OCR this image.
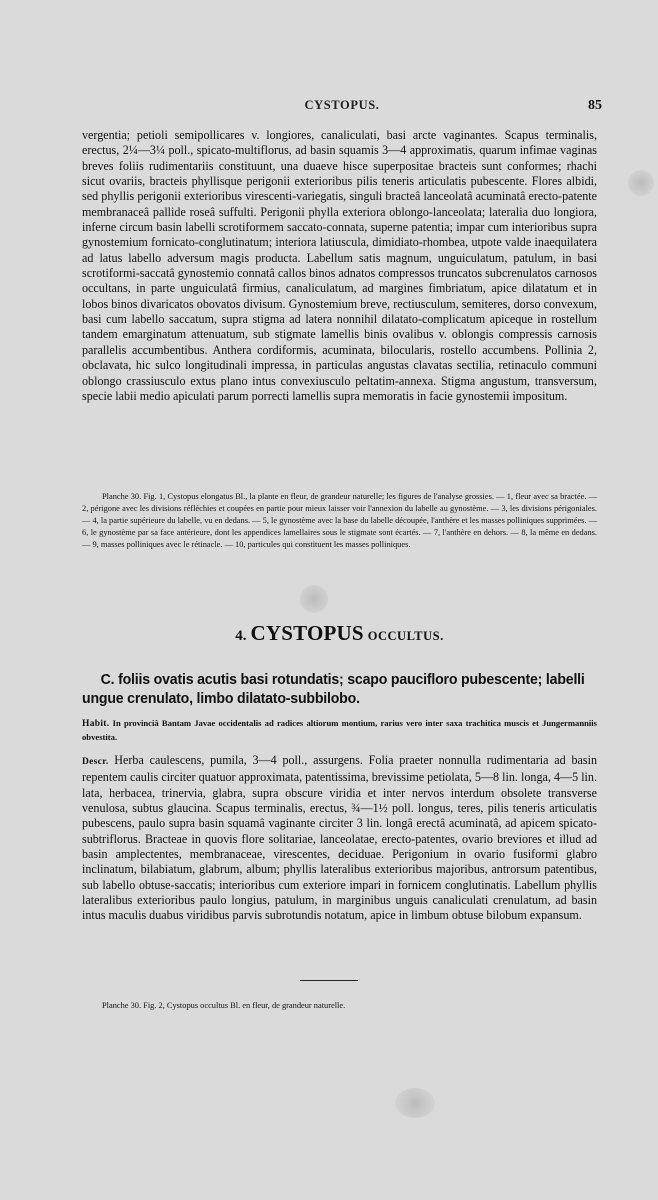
CYSTOPUS.	85

vergentia; petioli semipollicares v. longiores, canaliculati, basi arcte vaginantes. Scapus terminalis, erectus, 2¼—3¼ poll., spicato-multiflorus, ad basin squamis 3—4 approximatis, quarum infimae vaginas breves foliis rudimentariis constituunt, una duaeve hisce superpositae bracteis sunt conformes; rhachi sicut ovariis, bracteis phyllisque perigonii exterioribus pilis teneris articulatis pubescente. Flores albidi, sed phyllis perigonii exterioribus virescenti-variegatis, singuli bracteâ lanceolatâ acuminatâ erecto-patente membranaceâ pallide roseâ suffulti. Perigonii phylla exteriora oblongo-lanceolata; lateralia duo longiora, inferne circum basin labelli scrotiformem saccato-connata, superne patentia; impar cum interioribus supra gynostemium fornicato-conglutinatum; interiora latiuscula, dimidiato-rhombea, utpote valde inaequilatera ad latus labello adversum magis producta. Labellum satis magnum, unguiculatum, patulum, in basi scrotiformi-saccatâ gynostemio connatâ callos binos adnatos compressos truncatos subcrenulatos carnosos occultans, in parte unguiculatâ firmius, canaliculatum, ad margines fimbriatum, apice dilatatum et in lobos binos divaricatos obovatos divisum. Gynostemium breve, rectiusculum, semiteres, dorso convexum, basi cum labello saccatum, supra stigma ad latera nonnihil dilatato-complicatum apiceque in rostellum tandem emarginatum attenuatum, sub stigmate lamellis binis ovalibus v. oblongis compressis carnosis parallelis accumbentibus. Anthera cordiformis, acuminata, bilocularis, rostello accumbens. Pollinia 2, obclavata, hic sulco longitudinali impressa, in particulas angustas clavatas sectilia, retinaculo communi oblongo crassiusculo extus plano intus convexiusculo peltatim-annexa. Stigma angustum, transversum, specie labii medio apiculati parum porrecti lamellis supra memoratis in facie gynostemii impositum.

Planche 30. Fig. 1, Cystopus elongatus Bl., la plante en fleur, de grandeur naturelle; les figures de l'analyse grossies. — 1, fleur avec sa bractée. — 2, périgone avec les divisions réfléchies et coupées en partie pour mieux laisser voir l'annexion du labelle au gynostème. — 3, les divisions périgoniales. — 4, la partie supérieure du labelle, vu en dedans. — 5, le gynostème avec la base du labelle découpée, l'anthère et les masses polliniques supprimées. — 6, le gynostème par sa face antérieure, dont les appendices lamellaires sous le stigmate sont écartés. — 7, l'anthère en dehors. — 8, la même en dedans. — 9, masses polliniques avec le rétinacle. — 10, particules qui constituent les masses polliniques.

4. CYSTOPUS OCCULTUS.

C. foliis ovatis acutis basi rotundatis; scapo paucifloro pubescente; labelli ungue crenulato, limbo dilatato-subbilobo.

Habit. In provinciâ Bantam Javae occidentalis ad radices altiorum montium, rarius vero inter saxa trachitica muscis et Jungermanniis obvestita.

Descr. Herba caulescens, pumila, 3—4 poll., assurgens. Folia praeter nonnulla rudimentaria ad basin repentem caulis circiter quatuor approximata, patentissima, brevissime petiolata, 5—8 lin. longa, 4—5 lin. lata, herbacea, trinervia, glabra, supra obscure viridia et inter nervos interdum obsolete transverse venulosa, subtus glaucina. Scapus terminalis, erectus, ¾—1½ poll. longus, teres, pilis teneris articulatis pubescens, paulo supra basin squamâ vaginante circiter 3 lin. longâ erectâ acuminatâ, ad apicem spicato-subtriflorus. Bracteae in quovis flore solitariae, lanceolatae, erecto-patentes, ovario breviores et illud ad basin amplectentes, membranaceae, virescentes, deciduae. Perigonium in ovario fusiformi glabro inclinatum, bilabiatum, glabrum, album; phyllis lateralibus exterioribus majoribus, antrorsum patentibus, sub labello obtuse-saccatis; interioribus cum exteriore impari in fornicem conglutinatis. Labellum phyllis lateralibus exterioribus paulo longius, patulum, in marginibus unguis canaliculati crenulatum, ad basin intus maculis duabus viridibus parvis subrotundis notatum, apice in limbum obtuse bilobum expansum.

Planche 30. Fig. 2, Cystopus occultus Bl. en fleur, de grandeur naturelle.
